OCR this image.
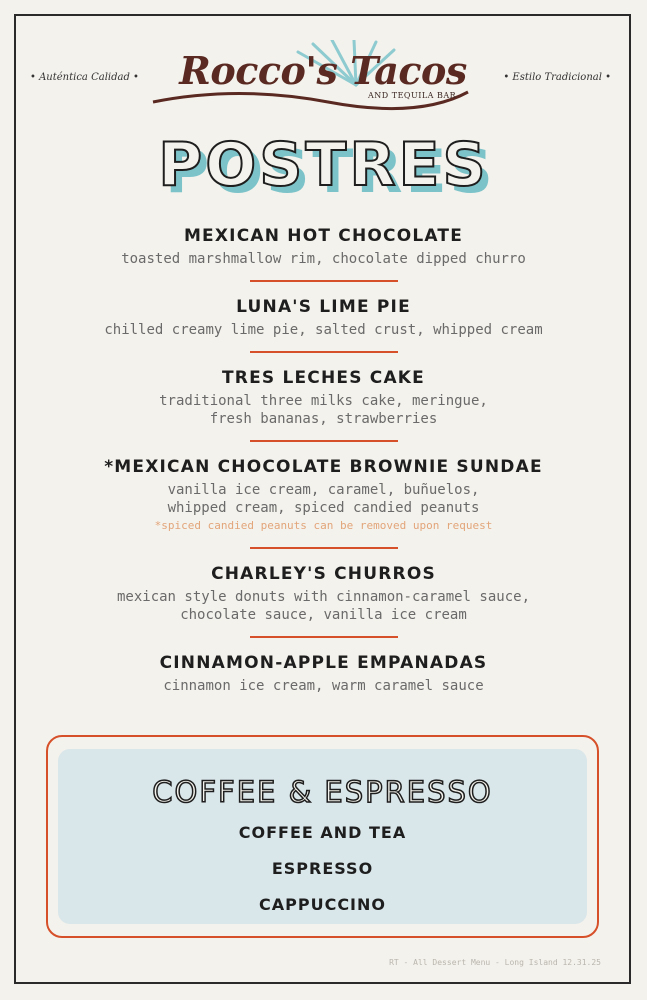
• Auténtica Calidad •	Rocco's Tacos
AND TEQUILA BAR
• Estilo Tradicional •
POSTRES
MEXICAN HOT CHOCOLATE
toasted marshmallow rim, chocolate dipped churro
LUNA'S LIME PIE
chilled creamy lime pie, salted crust, whipped cream
TRES LECHES CAKE
traditional three milks cake, meringue,
fresh bananas, strawberries
*MEXICAN CHOCOLATE BROWNIE SUNDAE
vanilla ice cream, caramel, buñuelos,
whipped cream, spiced candied peanuts
*spiced candied peanuts can be removed upon request
CHARLEY'S CHURROS
mexican style donuts with cinnamon-caramel sauce,
chocolate sauce, vanilla ice cream
CINNAMON-APPLE EMPANADAS
cinnamon ice cream, warm caramel sauce
COFFEE & ESPRESSO
COFFEE AND TEA
ESPRESSO
CAPPUCCINO
RT - All Dessert Menu - Long Island 12.31.25
